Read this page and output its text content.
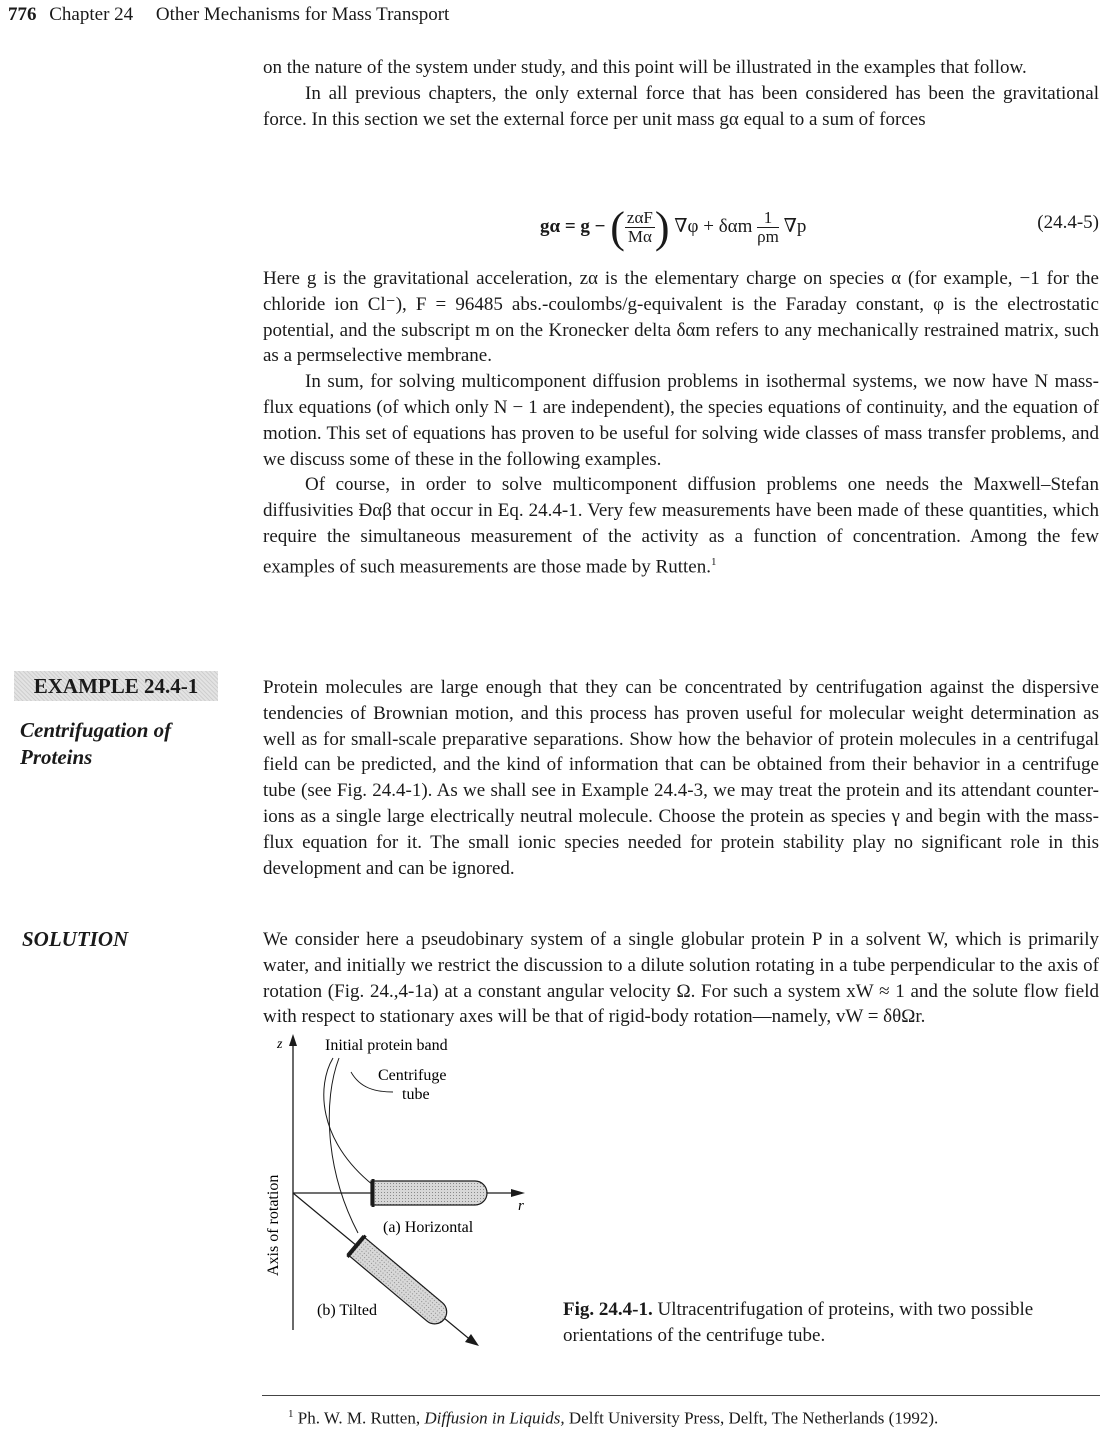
776 Chapter 24 Other Mechanisms for Mass Transport

on the nature of the system under study, and this point will be illustrated in the examples that follow.

In all previous chapters, the only external force that has been considered has been the gravitational force. In this section we set the external force per unit mass gα equal to a sum of forces

gα = g − ( $\frac{\text{zαF}}{M\alpha}$ ) ∇φ + δαm $\frac{1}{\rho m} \nabla p$	(24.4-5)

Here g is the gravitational acceleration, zα is the elementary charge on species α (for example, −1 for the chloride ion Cl⁻), F = 96485 abs.-coulombs/g-equivalent is the Faraday constant, φ is the electrostatic potential, and the subscript m on the Kronecker delta δαm refers to any mechanically restrained matrix, such as a permselective membrane.

In sum, for solving multicomponent diffusion problems in isothermal systems, we now have N mass-flux equations (of which only N − 1 are independent), the species equations of continuity, and the equation of motion. This set of equations has proven to be useful for solving wide classes of mass transfer problems, and we discuss some of these in the following examples.

Of course, in order to solve multicomponent diffusion problems one needs the Maxwell–Stefan diffusivities Ɖαβ that occur in Eq. 24.4-1. Very few measurements have been made of these quantities, which require the simultaneous measurement of the activity as a function of concentration. Among the few examples of such measurements are those made by Rutten.$^1$

EXAMPLE 24.4-1
Centrifugation of
Proteins

Protein molecules are large enough that they can be concentrated by centrifugation against the dispersive tendencies of Brownian motion, and this process has proven useful for molecular weight determination as well as for small-scale preparative separations. Show how the behavior of protein molecules in a centrifugal field can be predicted, and the kind of information that can be obtained from their behavior in a centrifuge tube (see Fig. 24.4-1). As we shall see in Example 24.4-3, we may treat the protein and its attendant counter-ions as a single large electrically neutral molecule. Choose the protein as species γ and begin with the mass-flux equation for it. The small ionic species needed for protein stability play no significant role in this development and can be ignored.

SOLUTION	We consider here a pseudobinary system of a single globular protein P in a solvent W, which is primarily water, and initially we restrict the discussion to a dilute solution rotating in a tube perpendicular to the axis of rotation (Fig. 24.,4-1a) at a constant angular velocity Ω. For such a system xW ≈ 1 and the solute flow field with respect to stationary axes will be that of rigid-body rotation—namely, vW = δθΩr.

z
Axis of rotation	r
Initial protein band
Centrifuge
tube
(a) Horizontal
(b) Tilted	Fig. 24.4-1. Ultracentrifugation of proteins, with two possible orientations of the centrifuge tube.
$^1$ Ph. W. M. Rutten, Diffusion in Liquids, Delft University Press, Delft, The Netherlands (1992).
